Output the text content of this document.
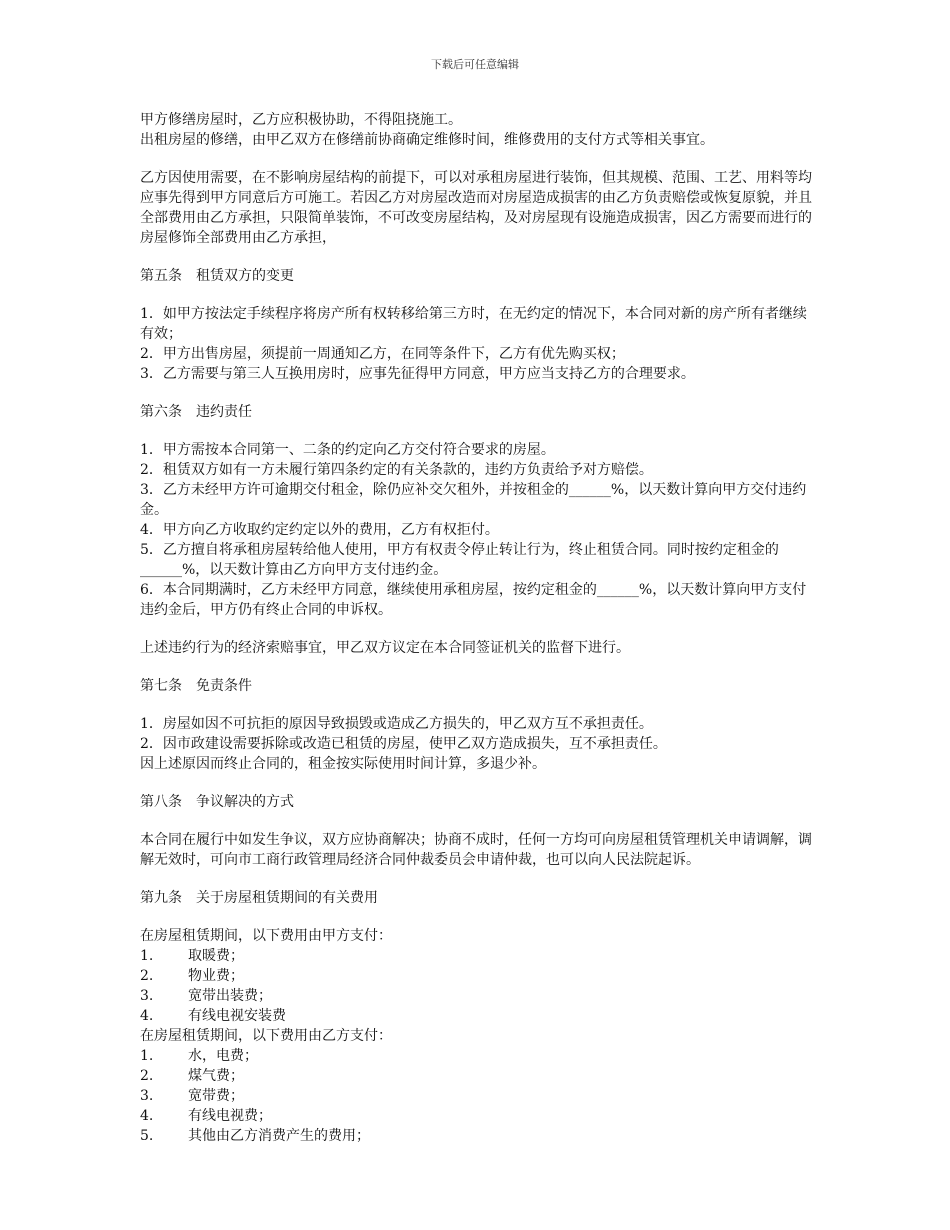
下载后可任意编辑

甲方修缮房屋时，乙方应积极协助，不得阻挠施工。

出租房屋的修缮，由甲乙双方在修缮前协商确定维修时间，维修费用的支付方式等相关事宜。

乙方因使用需要，在不影响房屋结构的前提下，可以对承租房屋进行装饰，但其规模、范围、工艺、用料等均应事先得到甲方同意后方可施工。若因乙方对房屋改造而对房屋造成损害的由乙方负责赔偿或恢复原貌，并且全部费用由乙方承担，只限简单装饰，不可改变房屋结构，及对房屋现有设施造成损害，因乙方需要而进行的房屋修饰全部费用由乙方承担，

第五条　租赁双方的变更

1．如甲方按法定手续程序将房产所有权转移给第三方时，在无约定的情况下，本合同对新的房产所有者继续有效；

2．甲方出售房屋，须提前一周通知乙方，在同等条件下，乙方有优先购买权；

3．乙方需要与第三人互换用房时，应事先征得甲方同意，甲方应当支持乙方的合理要求。

第六条　违约责任

1．甲方需按本合同第一、二条的约定向乙方交付符合要求的房屋。

2．租赁双方如有一方未履行第四条约定的有关条款的，违约方负责给予对方赔偿。

3．乙方未经甲方许可逾期交付租金，除仍应补交欠租外，并按租金的______%，以天数计算向甲方交付违约金。

4．甲方向乙方收取约定约定以外的费用，乙方有权拒付。

5．乙方擅自将承租房屋转给他人使用，甲方有权责令停止转让行为，终止租赁合同。同时按约定租金的______%，以天数计算由乙方向甲方支付违约金。

6．本合同期满时，乙方未经甲方同意，继续使用承租房屋，按约定租金的______%，以天数计算向甲方支付违约金后，甲方仍有终止合同的申诉权。

上述违约行为的经济索赔事宜，甲乙双方议定在本合同签证机关的监督下进行。

第七条　免责条件

1．房屋如因不可抗拒的原因导致损毁或造成乙方损失的，甲乙双方互不承担责任。

2．因市政建设需要拆除或改造已租赁的房屋，使甲乙双方造成损失，互不承担责任。

因上述原因而终止合同的，租金按实际使用时间计算，多退少补。

第八条　争议解决的方式

本合同在履行中如发生争议，双方应协商解决；协商不成时，任何一方均可向房屋租赁管理机关申请调解，调解无效时，可向市工商行政管理局经济合同仲裁委员会申请仲裁，也可以向人民法院起诉。

第九条　关于房屋租赁期间的有关费用

在房屋租赁期间，以下费用由甲方支付：

1.	取暖费；
2.	物业费；
3.	宽带出装费；
4.	有线电视安装费

在房屋租赁期间，以下费用由乙方支付：

1.	水，电费；
2.	煤气费；
3.	宽带费；
4.	有线电视费；
5.	其他由乙方消费产生的费用；
